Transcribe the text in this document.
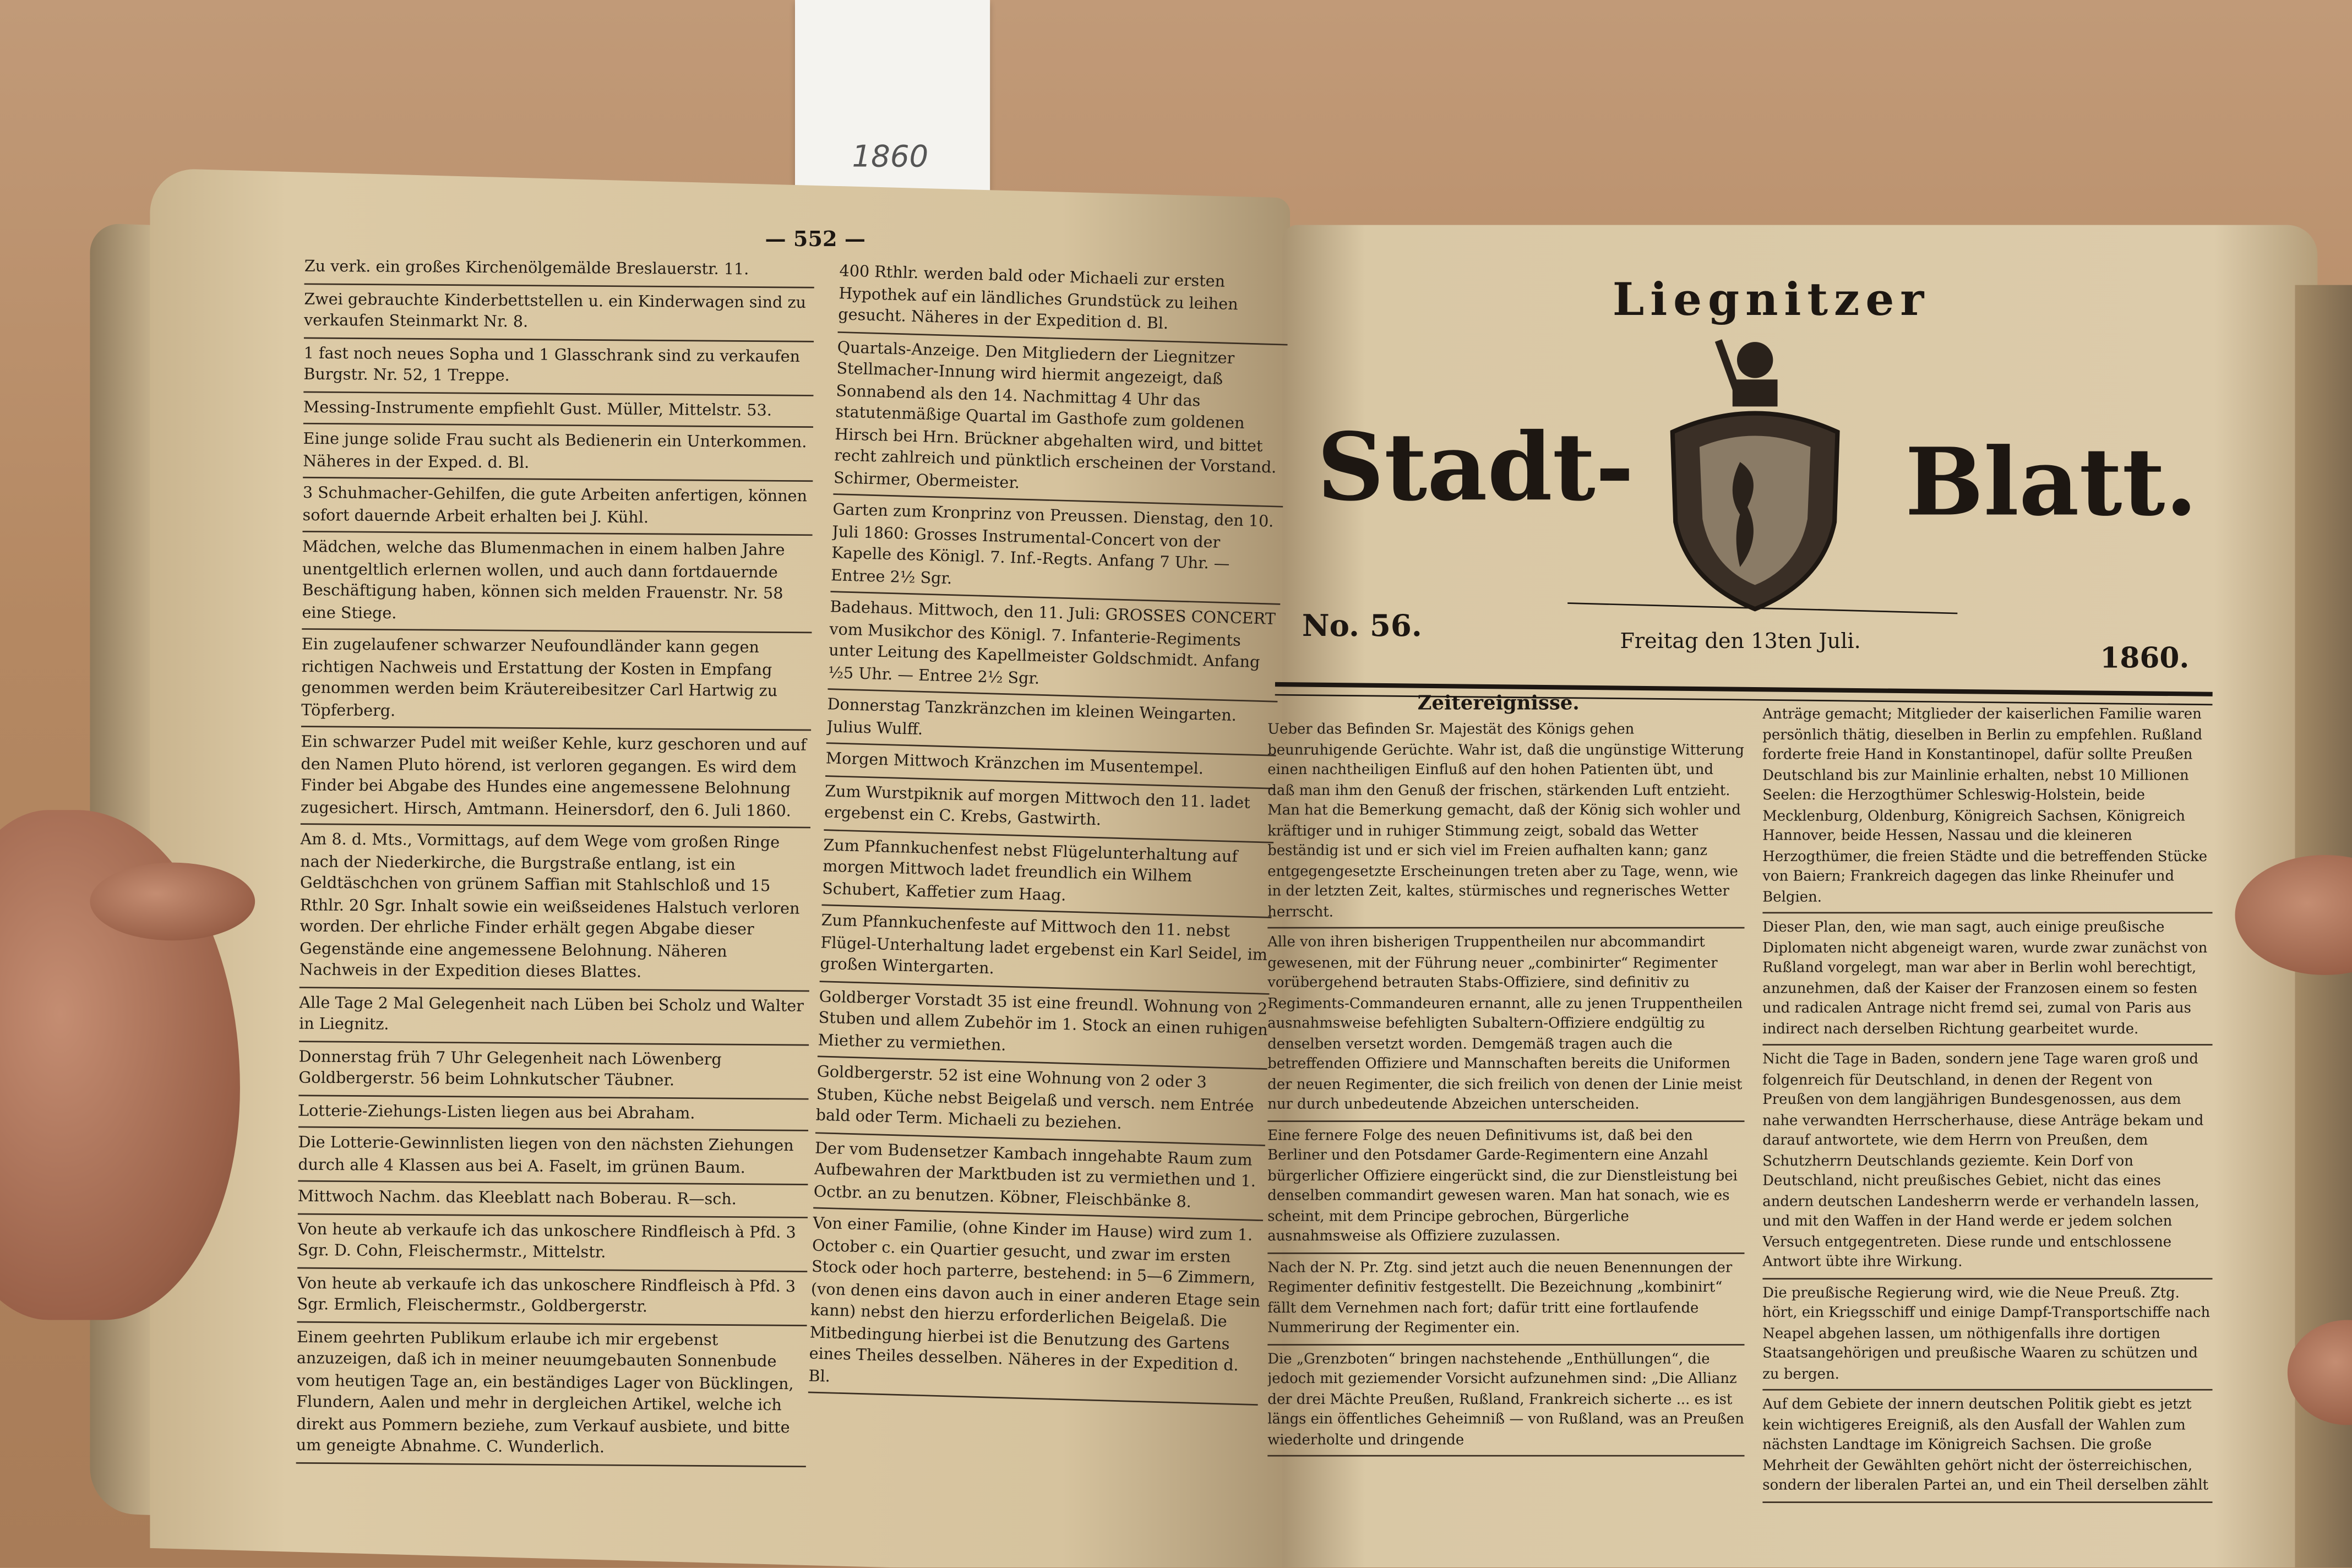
1860
— 552 —

Zu verk. ein großes Kirchenölgemälde Breslauerstr. 11.

Zwei gebrauchte Kinderbettstellen u. ein Kinderwagen sind zu verkaufen Steinmarkt Nr. 8.

1 fast noch neues Sopha und 1 Glasschrank sind zu verkaufen Burgstr. Nr. 52, 1 Treppe.

Messing-Instrumente empfiehlt Gust. Müller, Mittelstr. 53.

Eine junge solide Frau sucht als Bedienerin ein Unterkommen. Näheres in der Exped. d. Bl.

3 Schuhmacher-Gehilfen, die gute Arbeiten anfertigen, können sofort dauernde Arbeit erhalten bei J. Kühl.

Mädchen, welche das Blumenmachen in einem halben Jahre unentgeltlich erlernen wollen, und auch dann fortdauernde Beschäftigung haben, können sich melden Frauenstr. Nr. 58 eine Stiege.

Ein zugelaufener schwarzer Neufoundländer kann gegen richtigen Nachweis und Erstattung der Kosten in Empfang genommen werden beim Kräutereibesitzer Carl Hartwig zu Töpferberg.

Ein schwarzer Pudel mit weißer Kehle, kurz geschoren und auf den Namen Pluto hörend, ist verloren gegangen. Es wird dem Finder bei Abgabe des Hundes eine angemessene Belohnung zugesichert. Hirsch, Amtmann. Heinersdorf, den 6. Juli 1860.

Am 8. d. Mts., Vormittags, auf dem Wege vom großen Ringe nach der Niederkirche, die Burgstraße entlang, ist ein Geldtäschchen von grünem Saffian mit Stahlschloß und 15 Rthlr. 20 Sgr. Inhalt sowie ein weißseidenes Halstuch verloren worden. Der ehrliche Finder erhält gegen Abgabe dieser Gegenstände eine angemessene Belohnung. Näheren Nachweis in der Expedition dieses Blattes.

Alle Tage 2 Mal Gelegenheit nach Lüben bei Scholz und Walter in Liegnitz.

Donnerstag früh 7 Uhr Gelegenheit nach Löwenberg Goldbergerstr. 56 beim Lohnkutscher Täubner.

Lotterie-Ziehungs-Listen liegen aus bei Abraham.

Die Lotterie-Gewinnlisten liegen von den nächsten Ziehungen durch alle 4 Klassen aus bei A. Faselt, im grünen Baum.

Mittwoch Nachm. das Kleeblatt nach Boberau. R—sch.

Von heute ab verkaufe ich das unkoschere Rindfleisch à Pfd. 3 Sgr. D. Cohn, Fleischermstr., Mittelstr.

Von heute ab verkaufe ich das unkoschere Rindfleisch à Pfd. 3 Sgr. Ermlich, Fleischermstr., Goldbergerstr.

Einem geehrten Publikum erlaube ich mir ergebenst anzuzeigen, daß ich in meiner neuumgebauten Sonnenbude vom heutigen Tage an, ein beständiges Lager von Bücklingen, Flundern, Aalen und mehr in dergleichen Artikel, welche ich direkt aus Pommern beziehe, zum Verkauf ausbiete, und bitte um geneigte Abnahme. C. Wunderlich.

400 Rthlr. werden bald oder Michaeli zur ersten Hypothek auf ein ländliches Grundstück zu leihen gesucht. Näheres in der Expedition d. Bl.

Quartals-Anzeige. Den Mitgliedern der Liegnitzer Stellmacher-Innung wird hiermit angezeigt, daß Sonnabend als den 14. Nachmittag 4 Uhr das statutenmäßige Quartal im Gasthofe zum goldenen Hirsch bei Hrn. Brückner abgehalten wird, und bittet recht zahlreich und pünktlich erscheinen der Vorstand. Schirmer, Obermeister.

Garten zum Kronprinz von Preussen. Dienstag, den 10. Juli 1860: Grosses Instrumental-Concert von der Kapelle des Königl. 7. Inf.-Regts. Anfang 7 Uhr. — Entree 2½ Sgr.

Badehaus. Mittwoch, den 11. Juli: GROSSES CONCERT vom Musikchor des Königl. 7. Infanterie-Regiments unter Leitung des Kapellmeister Goldschmidt. Anfang ½5 Uhr. — Entree 2½ Sgr.

Donnerstag Tanzkränzchen im kleinen Weingarten. Julius Wulff.

Morgen Mittwoch Kränzchen im Musentempel.

Zum Wurstpiknik auf morgen Mittwoch den 11. ladet ergebenst ein C. Krebs, Gastwirth.

Zum Pfannkuchenfest nebst Flügelunterhaltung auf morgen Mittwoch ladet freundlich ein Wilhem Schubert, Kaffetier zum Haag.

Zum Pfannkuchenfeste auf Mittwoch den 11. nebst Flügel-Unterhaltung ladet ergebenst ein Karl Seidel, im großen Wintergarten.

Goldberger Vorstadt 35 ist eine freundl. Wohnung von 2 Stuben und allem Zubehör im 1. Stock an einen ruhigen Miether zu vermiethen.

Goldbergerstr. 52 ist eine Wohnung von 2 oder 3 Stuben, Küche nebst Beigelaß und versch. nem Entrée bald oder Term. Michaeli zu beziehen.

Der vom Budensetzer Kambach inngehabte Raum zum Aufbewahren der Marktbuden ist zu vermiethen und 1. Octbr. an zu benutzen. Köbner, Fleischbänke 8.

Von einer Familie, (ohne Kinder im Hause) wird zum 1. October c. ein Quartier gesucht, und zwar im ersten Stock oder hoch parterre, bestehend: in 5—6 Zimmern, (von denen eins davon auch in einer anderen Etage sein kann) nebst den hierzu erforderlichen Beigelaß. Die Mitbedingung hierbei ist die Benutzung des Gartens eines Theiles desselben. Näheres in der Expedition d. Bl.

Liegnitzer
Stadt-	Blatt.
No. 56.	Freitag den 13ten Juli.	1860.
Zeitereignisse.

Ueber das Befinden Sr. Majestät des Königs gehen beunruhigende Gerüchte. Wahr ist, daß die ungünstige Witterung einen nachtheiligen Einfluß auf den hohen Patienten übt, und daß man ihm den Genuß der frischen, stärkenden Luft entzieht. Man hat die Bemerkung gemacht, daß der König sich wohler und kräftiger und in ruhiger Stimmung zeigt, sobald das Wetter beständig ist und er sich viel im Freien aufhalten kann; ganz entgegengesetzte Erscheinungen treten aber zu Tage, wenn, wie in der letzten Zeit, kaltes, stürmisches und regnerisches Wetter herrscht.

Alle von ihren bisherigen Truppentheilen nur abcommandirt gewesenen, mit der Führung neuer „combinirter“ Regimenter vorübergehend betrauten Stabs-Offiziere, sind definitiv zu Regiments-Commandeuren ernannt, alle zu jenen Truppentheilen ausnahmsweise befehligten Subaltern-Offiziere endgültig zu denselben versetzt worden. Demgemäß tragen auch die betreffenden Offiziere und Mannschaften bereits die Uniformen der neuen Regimenter, die sich freilich von denen der Linie meist nur durch unbedeutende Abzeichen unterscheiden.

Eine fernere Folge des neuen Definitivums ist, daß bei den Berliner und den Potsdamer Garde-Regimentern eine Anzahl bürgerlicher Offiziere eingerückt sind, die zur Dienstleistung bei denselben commandirt gewesen waren. Man hat sonach, wie es scheint, mit dem Principe gebrochen, Bürgerliche ausnahmsweise als Offiziere zuzulassen.

Nach der N. Pr. Ztg. sind jetzt auch die neuen Benennungen der Regimenter definitiv festgestellt. Die Bezeichnung „kombinirt“ fällt dem Vernehmen nach fort; dafür tritt eine fortlaufende Nummerirung der Regimenter ein.

Die „Grenzboten“ bringen nachstehende „Enthüllungen“, die jedoch mit geziemender Vorsicht aufzunehmen sind: „Die Allianz der drei Mächte Preußen, Rußland, Frankreich sicherte ... es ist längs ein öffentliches Geheimniß — von Rußland, was an Preußen wiederholte und dringende

Anträge gemacht; Mitglieder der kaiserlichen Familie waren persönlich thätig, dieselben in Berlin zu empfehlen. Rußland forderte freie Hand in Konstantinopel, dafür sollte Preußen Deutschland bis zur Mainlinie erhalten, nebst 10 Millionen Seelen: die Herzogthümer Schleswig-Holstein, beide Mecklenburg, Oldenburg, Königreich Sachsen, Königreich Hannover, beide Hessen, Nassau und die kleineren Herzogthümer, die freien Städte und die betreffenden Stücke von Baiern; Frankreich dagegen das linke Rheinufer und Belgien.

Dieser Plan, den, wie man sagt, auch einige preußische Diplomaten nicht abgeneigt waren, wurde zwar zunächst von Rußland vorgelegt, man war aber in Berlin wohl berechtigt, anzunehmen, daß der Kaiser der Franzosen einem so festen und radicalen Antrage nicht fremd sei, zumal von Paris aus indirect nach derselben Richtung gearbeitet wurde.

Nicht die Tage in Baden, sondern jene Tage waren groß und folgenreich für Deutschland, in denen der Regent von Preußen von dem langjährigen Bundesgenossen, aus dem nahe verwandten Herrscherhause, diese Anträge bekam und darauf antwortete, wie dem Herrn von Preußen, dem Schutzherrn Deutschlands geziemte. Kein Dorf von Deutschland, nicht preußisches Gebiet, nicht das eines andern deutschen Landesherrn werde er verhandeln lassen, und mit den Waffen in der Hand werde er jedem solchen Versuch entgegentreten. Diese runde und entschlossene Antwort übte ihre Wirkung.

Die preußische Regierung wird, wie die Neue Preuß. Ztg. hört, ein Kriegsschiff und einige Dampf-Transportschiffe nach Neapel abgehen lassen, um nöthigenfalls ihre dortigen Staatsangehörigen und preußische Waaren zu schützen und zu bergen.

Auf dem Gebiete der innern deutschen Politik giebt es jetzt kein wichtigeres Ereigniß, als den Ausfall der Wahlen zum nächsten Landtage im Königreich Sachsen. Die große Mehrheit der Gewählten gehört nicht der österreichischen, sondern der liberalen Partei an, und ein Theil derselben zählt
